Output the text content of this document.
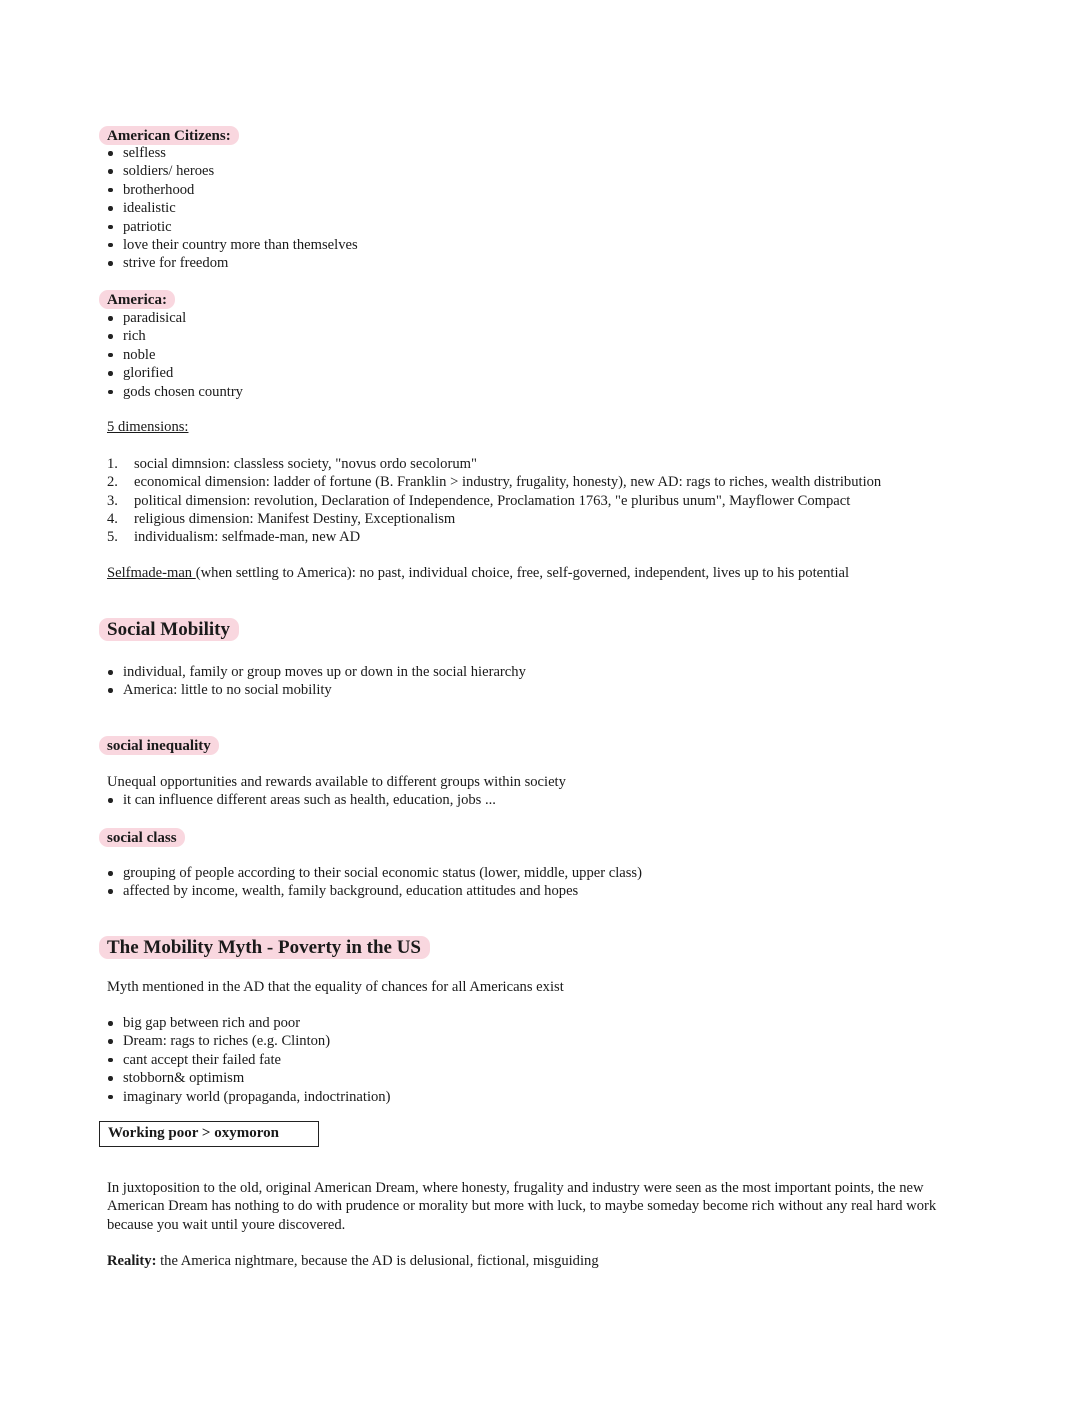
American Citizens:
selfless
soldiers/ heroes
brotherhood
idealistic
patriotic
love their country more than themselves
strive for freedom
America:
paradisical
rich
noble
glorified
gods chosen country
5 dimensions:
1. social dimnsion: classless society, "novus ordo secolorum"
2. economical dimension: ladder of fortune (B. Franklin > industry, frugality, honesty), new AD: rags to riches, wealth distribution
3. political dimension: revolution, Declaration of Independence, Proclamation 1763, "e pluribus unum", Mayflower Compact
4. religious dimension: Manifest Destiny, Exceptionalism
5. individualism: selfmade-man, new AD
Selfmade-man (when settling to America): no past, individual choice, free, self-governed, independent, lives up to his potential
Social Mobility
individual, family or group moves up or down in the social hierarchy
America: little to no social mobility
social inequality
Unequal opportunities and rewards available to different groups within society
it can influence different areas such as health, education, jobs ...
social class
grouping of people according to their social economic status (lower, middle, upper class)
affected by income, wealth, family background, education attitudes and hopes
The Mobility Myth - Poverty in the US
Myth mentioned in the AD that the equality of chances for all Americans exist
big gap between rich and poor
Dream: rags to riches (e.g. Clinton)
cant accept their failed fate
stobborn& optimism
imaginary world (propaganda, indoctrination)
Working poor > oxymoron
In juxtoposition to the old, original American Dream, where honesty, frugality and industry were seen as the most important points, the new American Dream has nothing to do with prudence or morality but more with luck, to maybe someday become rich without any real hard work because you wait until youre discovered.
Reality: the America nightmare, because the AD is delusional, fictional, misguiding
